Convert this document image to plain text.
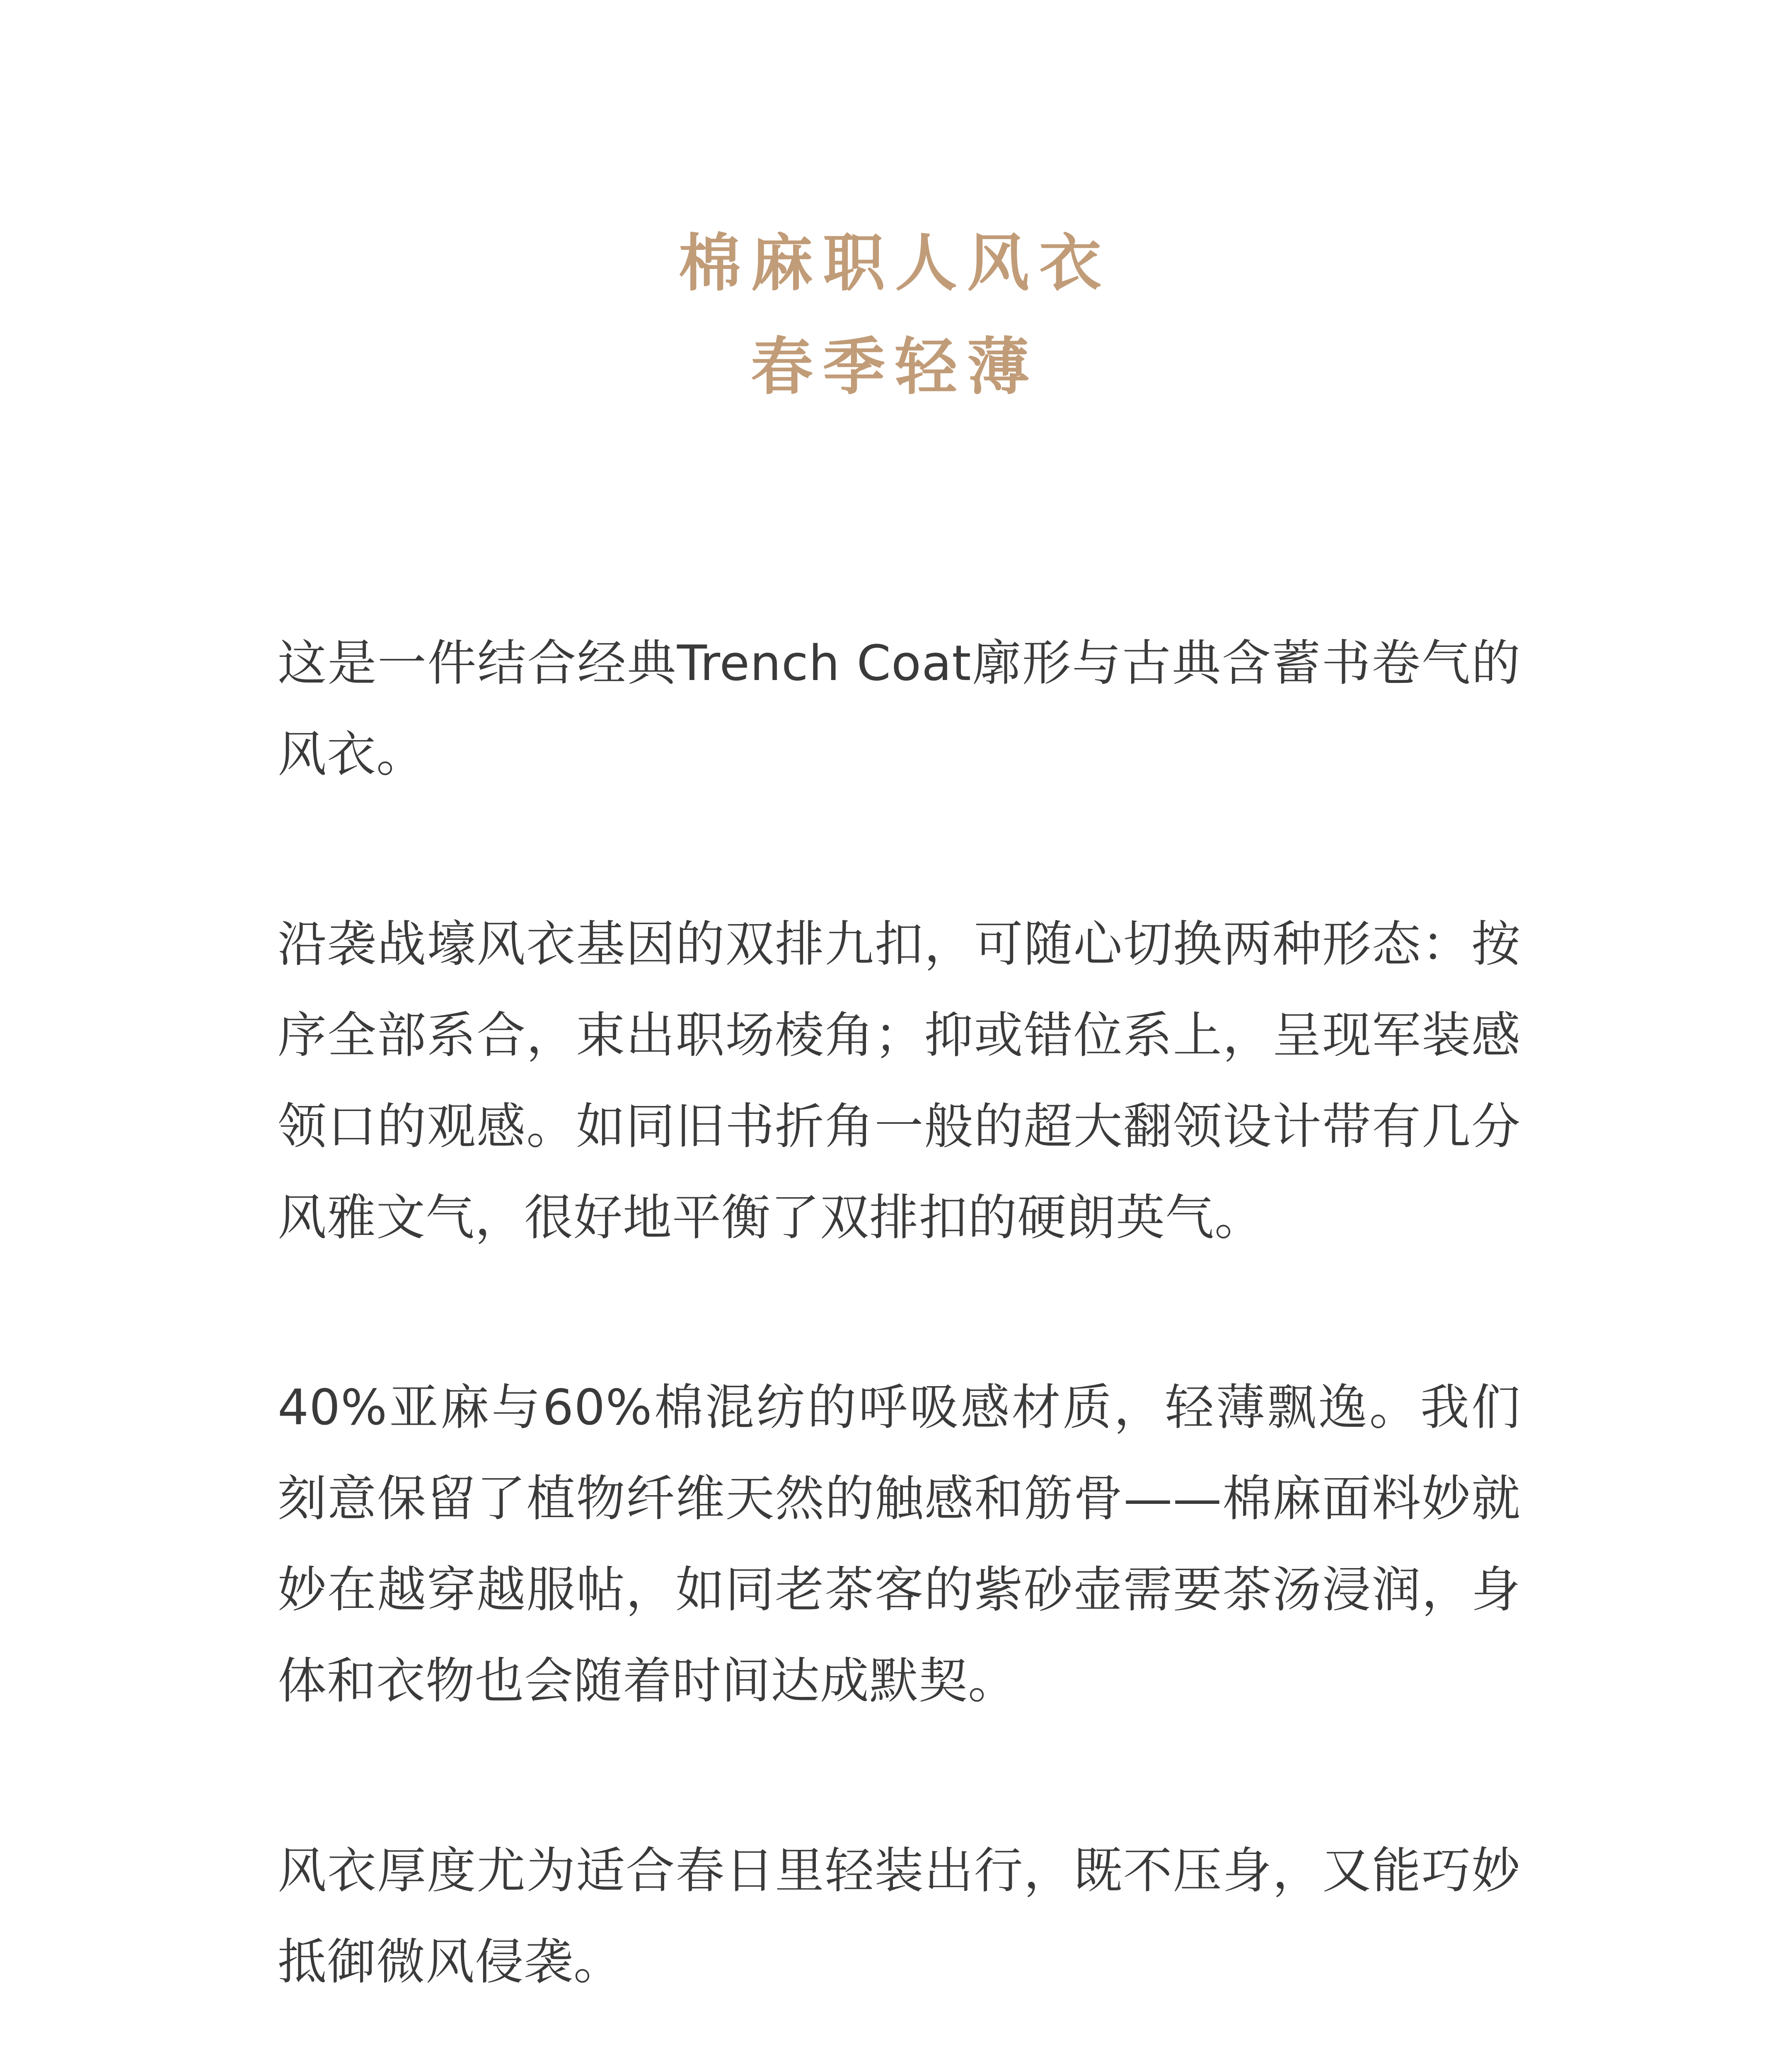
棉麻职人风衣
春季轻薄

这是一件结合经典Trench Coat廓形与古典含蓄书卷气的风衣。

沿袭战壕风衣基因的双排九扣，可随心切换两种形态：按序全部系合，束出职场棱角；抑或错位系上，呈现军装感领口的观感。如同旧书折角一般的超大翻领设计带有几分风雅文气，很好地平衡了双排扣的硬朗英气。

40%亚麻与60%棉混纺的呼吸感材质，轻薄飘逸。我们刻意保留了植物纤维天然的触感和筋骨——棉麻面料妙就妙在越穿越服帖，如同老茶客的紫砂壶需要茶汤浸润，身体和衣物也会随着时间达成默契。

风衣厚度尤为适合春日里轻装出行，既不压身，又能巧妙抵御微风侵袭。
